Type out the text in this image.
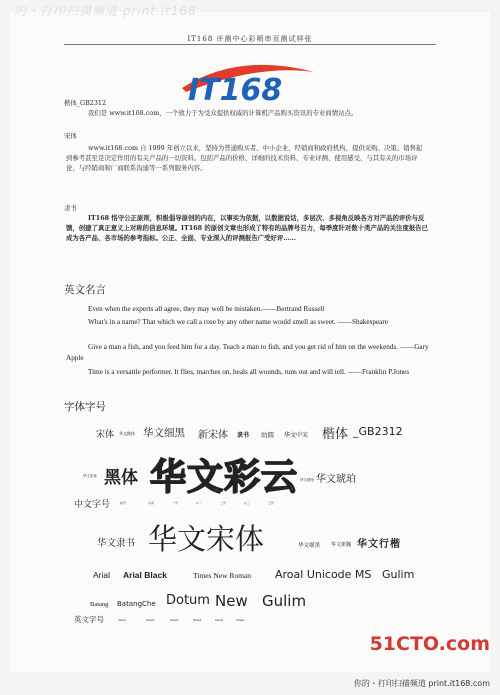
的・打印扫描频道 print.it168
IT168 评测中心彩喷串页测试样张
IT168
楷体_GB2312
我们是 www.it168.com，一个致力于为受众提供权威的计算机产品购买资讯的专业商情站点。
宋体
www.it168.com 自 1999 年创立以来，坚持为普通购买者、中小企业、经销商和政府机构，提供采购、决策、销售起到参考甚至是决定作用的有关产品的一切资料。包括产品的价格、详细的技术资料、专业评测、使用感受、与其有关的市场评论、与经销商和厂商联系沟通等一系列服务内容。
隶书
IT168 恪守公正原则，积极倡导原创的内在，以事实为依据，以数据说话，多层次、多视角反映各方对产品的评价与反馈，创建了真正意义上对称的信息环境。IT168 的原创文章也形成了特有的品牌号召力，每季度针对数十类产品的关注度报告已成为各产品、各市场的参考指标。公正、全面、专业深入的评测报告广受好评……
英文名言
Even when the experts all agree, they may well be mistaken.——Bertrand Russell
What's in a name? That which we call a rose by any other name would smell as sweet. ——Shakespeare
Give a man a fish, and you feed him for a day. Teach a man to fish, and you get rid of him on the weekends. ——Gary Apple
Time is a versatile performer. It flies, marches on, heals all wounds, runs out and will tell. ——Franklin P.Jones
字体字号
宋体 华文楷体 华文细黑 新宋体 隶书 幼圆 华文中宋 楷体 _GB2312
华文彩体 黑体 华文彩云 华文琥珀 华文琥珀
中文字号	初号	小初	一号	小一	二号	小二	三号
华文隶书 华文宋体	华文细黑 华文新魏 华文行楷
Arial Arial Black	Times New Roman Aroal Unicode MS Gulim
Batang BatangChe Dotum New Gulim
英文字号	Sizes1	Sizes2	Sizes3	Sizes4	Sizes5	Sizes6
51CTO.com
你的・打印扫描频道 print.it168.com
